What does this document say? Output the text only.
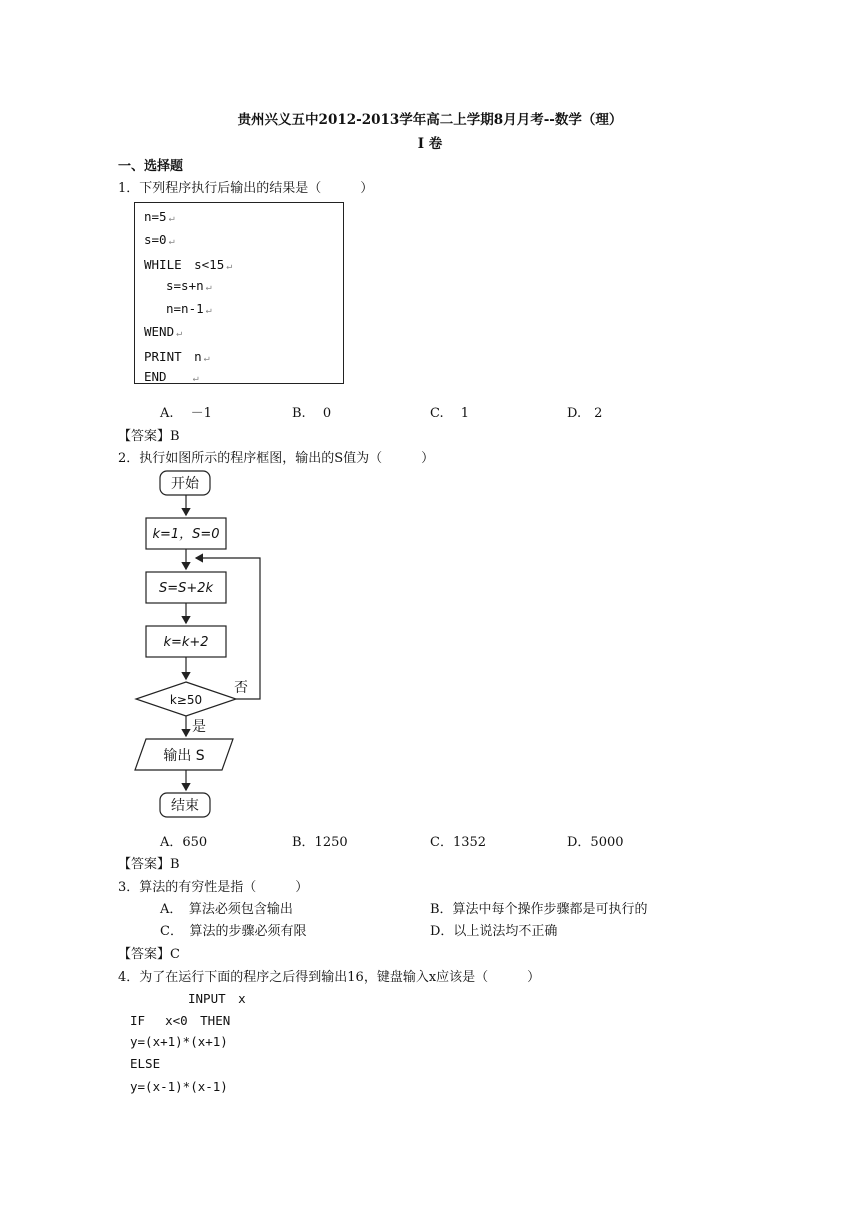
贵州兴义五中2012-2013学年高二上学期8月月考--数学（理）
I 卷
一、选择题
1．下列程序执行后输出的结果是（　　　）
n=5 ↵
s=0 ↵
WHILE　s<15 ↵
s=s+n ↵
n=n-1 ↵
WEND ↵
PRINT　n ↵
END	↵
A.　 －1	B.　 0	C.　 1	D.　2
【答案】B
2．执行如图所示的程序框图，输出的S值为（　　　）
开始
k=1，S=0
S=S+2k
k=k+2
k≥50
否
是
输出 S
结束
A．650	B．1250	C．1352	D．5000
【答案】B
3．算法的有穷性是指（　　　）
A．　算法必须包含输出	B．算法中每个操作步骤都是可执行的
C．　算法的步骤必须有限	D．以上说法均不正确
【答案】C
4．为了在运行下面的程序之后得到输出16，键盘输入x应该是（　　　）
INPUT　x
IF　 x<0　THEN
y=(x+1)*(x+1)
ELSE
y=(x-1)*(x-1)
